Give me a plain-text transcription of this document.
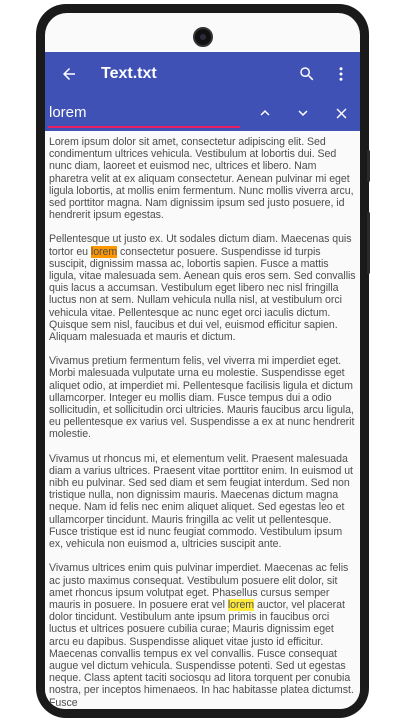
Text.txt
lorem

Lorem ipsum dolor sit amet, consectetur adipiscing elit. Sed condimentum ultrices vehicula. Vestibulum at lobortis dui. Sed nunc diam, laoreet et euismod nec, ultrices et libero. Nam pharetra velit at ex aliquam consectetur. Aenean pulvinar mi eget ligula lobortis, at mollis enim fermentum. Nunc mollis viverra arcu, sed porttitor magna. Nam dignissim ipsum sed justo posuere, id hendrerit ipsum egestas.

Pellentesque ut justo ex. Ut sodales dictum diam. Maecenas quis tortor eu lorem consectetur posuere. Suspendisse id turpis suscipit, dignissim massa ac, lobortis sapien. Fusce a mattis ligula, vitae malesuada sem. Aenean quis eros sem. Sed convallis quis lacus a accumsan. Vestibulum eget libero nec nisl fringilla luctus non at sem. Nullam vehicula nulla nisl, at vestibulum orci vehicula vitae. Pellentesque ac nunc eget orci iaculis dictum. Quisque sem nisl, faucibus et dui vel, euismod efficitur sapien. Aliquam malesuada et mauris et dictum.

Vivamus pretium fermentum felis, vel viverra mi imperdiet eget. Morbi malesuada vulputate urna eu molestie. Suspendisse eget aliquet odio, at imperdiet mi. Pellentesque facilisis ligula et dictum ullamcorper. Integer eu mollis diam. Fusce tempus dui a odio sollicitudin, et sollicitudin orci ultricies. Mauris faucibus arcu ligula, eu pellentesque ex varius vel. Suspendisse a ex at nunc hendrerit molestie.

Vivamus ut rhoncus mi, et elementum velit. Praesent malesuada diam a varius ultrices. Praesent vitae porttitor enim. In euismod ut nibh eu pulvinar. Sed sed diam et sem feugiat interdum. Sed non tristique nulla, non dignissim mauris. Maecenas dictum magna neque. Nam id felis nec enim aliquet aliquet. Sed egestas leo et ullamcorper tincidunt. Mauris fringilla ac velit ut pellentesque. Fusce tristique est id nunc feugiat commodo. Vestibulum ipsum ex, vehicula non euismod a, ultricies suscipit ante.

Vivamus ultrices enim quis pulvinar imperdiet. Maecenas ac felis ac justo maximus consequat. Vestibulum posuere elit dolor, sit amet rhoncus ipsum volutpat eget. Phasellus cursus semper mauris in posuere. In posuere erat vel lorem auctor, vel placerat dolor tincidunt. Vestibulum ante ipsum primis in faucibus orci luctus et ultrices posuere cubilia curae; Mauris dignissim eget arcu eu dapibus. Suspendisse aliquet vitae justo id efficitur. Maecenas convallis tempus ex vel convallis. Fusce consequat augue vel dictum vehicula. Suspendisse potenti. Sed ut egestas neque. Class aptent taciti sociosqu ad litora torquent per conubia nostra, per inceptos himenaeos. In hac habitasse platea dictumst. Fusce
